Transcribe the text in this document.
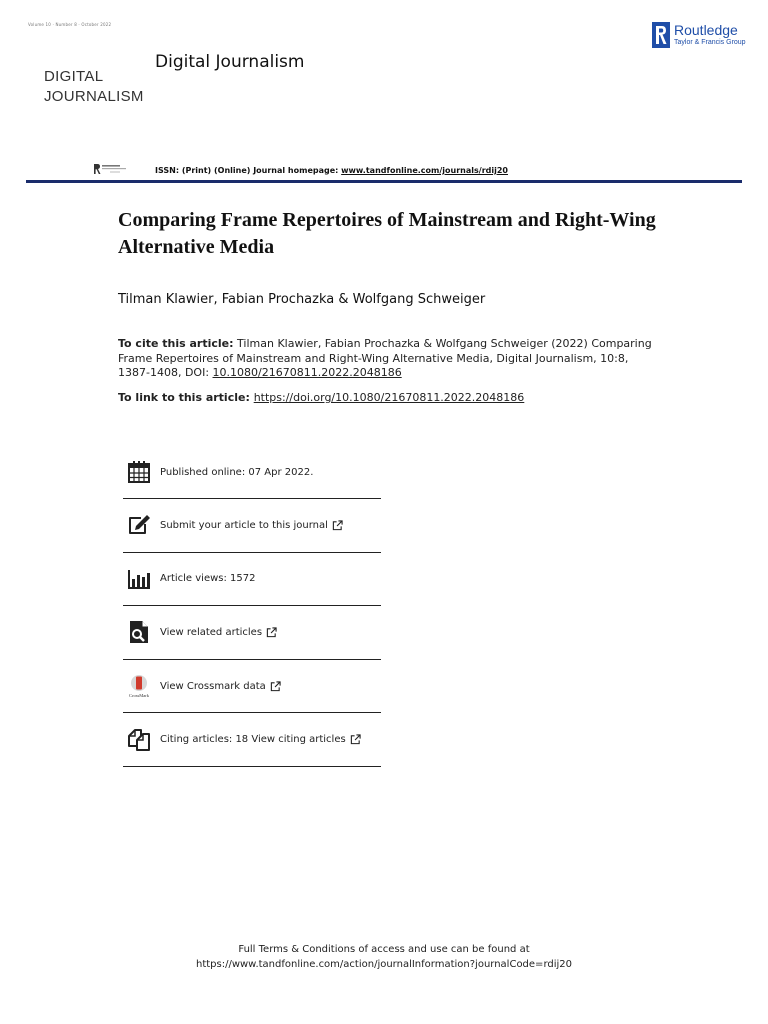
Volume 10 · Number 8 · October 2022
DIGITAL
JOURNALISM
Digital Journalism
Routledge
Taylor & Francis Group
ISSN: (Print) (Online) Journal homepage: www.tandfonline.com/journals/rdij20
Comparing Frame Repertoires of Mainstream and Right-Wing Alternative Media
Tilman Klawier, Fabian Prochazka & Wolfgang Schweiger
To cite this article: Tilman Klawier, Fabian Prochazka & Wolfgang Schweiger (2022) Comparing Frame Repertoires of Mainstream and Right-Wing Alternative Media, Digital Journalism, 10:8, 1387-1408, DOI: 10.1080/21670811.2022.2048186
To link to this article: https://doi.org/10.1080/21670811.2022.2048186
Published online: 07 Apr 2022.
Submit your article to this journal
Article views: 1572
View related articles
CrossMark
View Crossmark data
Citing articles: 18 View citing articles
Full Terms & Conditions of access and use can be found at
https://www.tandfonline.com/action/journalInformation?journalCode=rdij20
